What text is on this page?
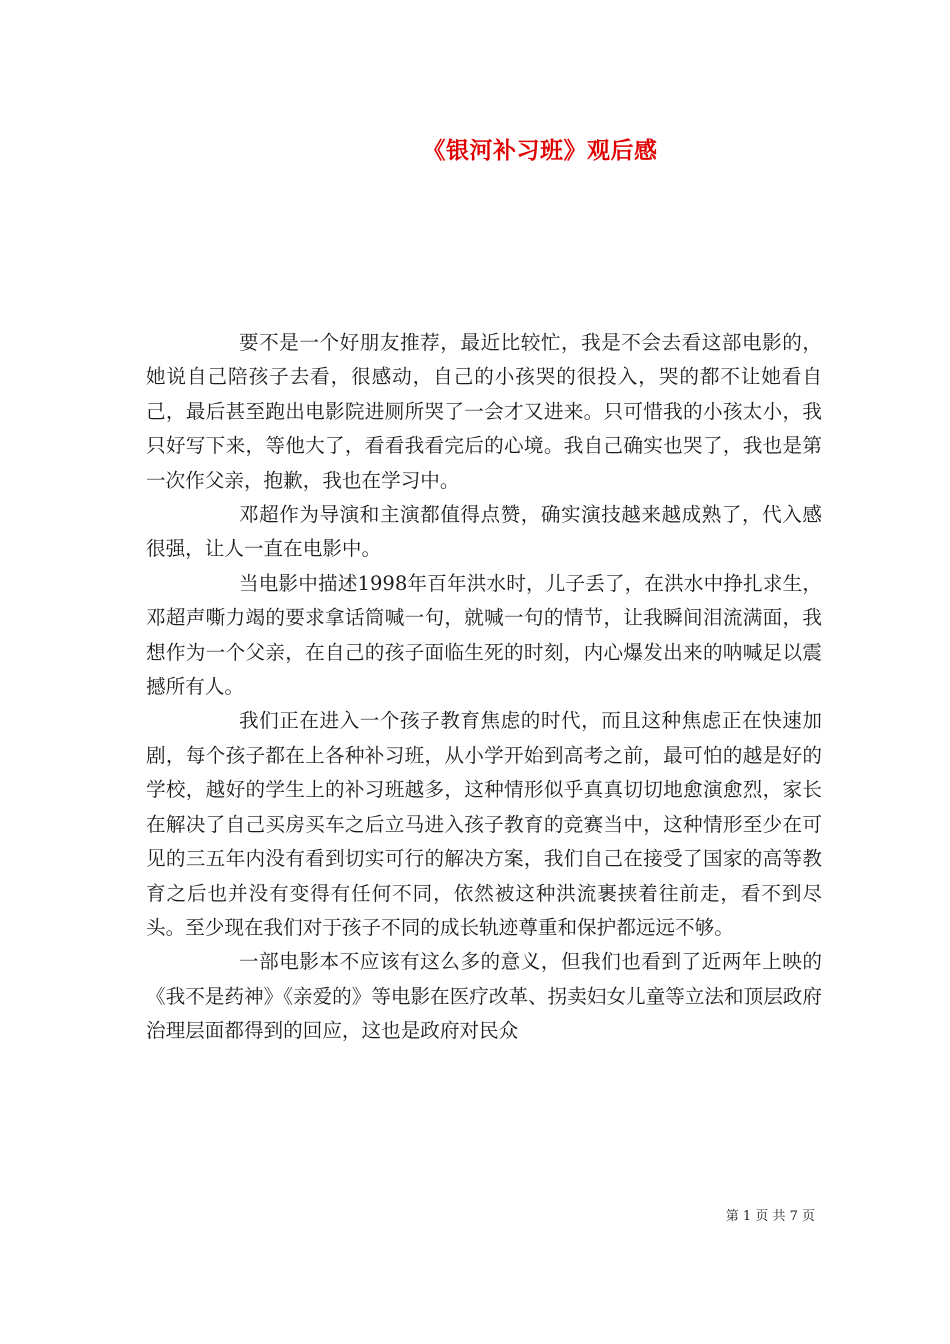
《银河补习班》观后感

要不是一个好朋友推荐，最近比较忙，我是不会去看这部电影的，她说自己陪孩子去看，很感动，自己的小孩哭的很投入，哭的都不让她看自己，最后甚至跑出电影院进厕所哭了一会才又进来。只可惜我的小孩太小，我只好写下来，等他大了，看看我看完后的心境。我自己确实也哭了，我也是第一次作父亲，抱歉，我也在学习中。

邓超作为导演和主演都值得点赞，确实演技越来越成熟了，代入感很强，让人一直在电影中。

当电影中描述1998年百年洪水时，儿子丢了，在洪水中挣扎求生，邓超声嘶力竭的要求拿话筒喊一句，就喊一句的情节，让我瞬间泪流满面，我想作为一个父亲，在自己的孩子面临生死的时刻，内心爆发出来的呐喊足以震撼所有人。

我们正在进入一个孩子教育焦虑的时代，而且这种焦虑正在快速加剧，每个孩子都在上各种补习班，从小学开始到高考之前，最可怕的越是好的学校，越好的学生上的补习班越多，这种情形似乎真真切切地愈演愈烈，家长在解决了自己买房买车之后立马进入孩子教育的竞赛当中，这种情形至少在可见的三五年内没有看到切实可行的解决方案，我们自己在接受了国家的高等教育之后也并没有变得有任何不同，依然被这种洪流裹挟着往前走，看不到尽头。至少现在我们对于孩子不同的成长轨迹尊重和保护都远远不够。

一部电影本不应该有这么多的意义，但我们也看到了近两年上映的《我不是药神》《亲爱的》等电影在医疗改革、拐卖妇女儿童等立法和顶层政府治理层面都得到的回应，这也是政府对民众

第 1 页 共 7 页
